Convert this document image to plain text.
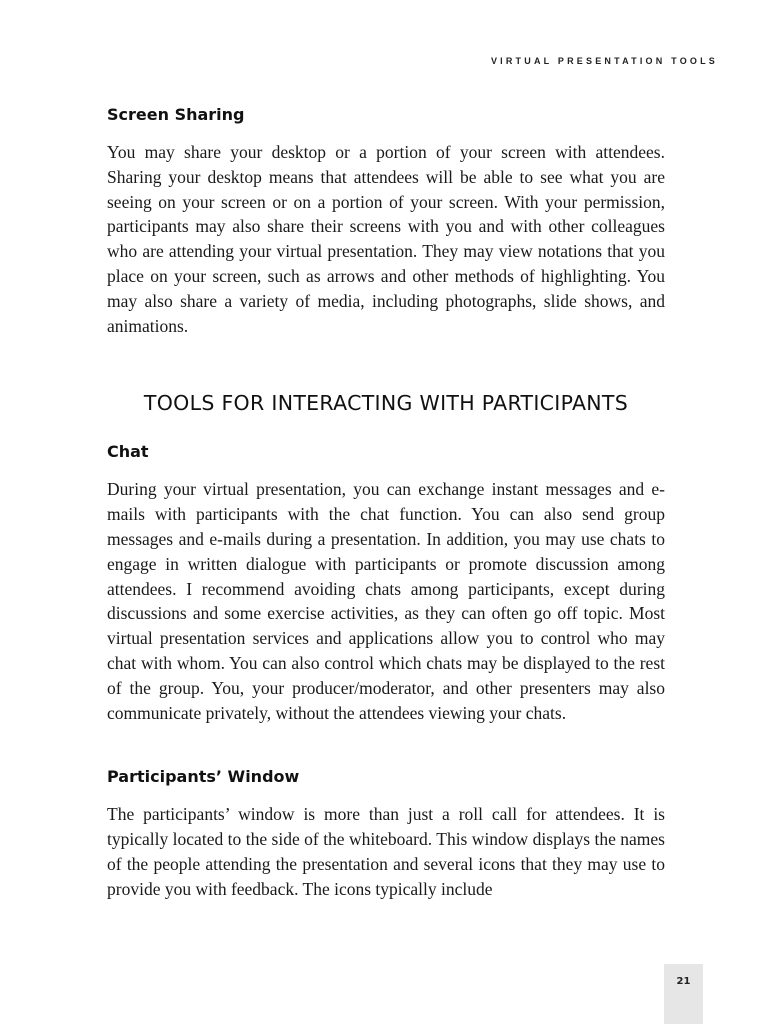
VIRTUAL PRESENTATION TOOLS
Screen Sharing

You may share your desktop or a portion of your screen with attendees. Sharing your desktop means that attendees will be able to see what you are seeing on your screen or on a portion of your screen. With your permission, participants may also share their screens with you and with other colleagues who are attending your virtual presentation. They may view notations that you place on your screen, such as arrows and other methods of highlighting. You may also share a variety of media, including photographs, slide shows, and animations.

TOOLS FOR INTERACTING WITH PARTICIPANTS
Chat

During your virtual presentation, you can exchange instant messages and e-mails with participants with the chat function. You can also send group messages and e-mails during a presentation. In addition, you may use chats to engage in written dialogue with participants or promote discussion among attendees. I recommend avoiding chats among participants, except during discussions and some exercise activities, as they can often go off topic. Most virtual presentation services and applications allow you to control who may chat with whom. You can also control which chats may be displayed to the rest of the group. You, your producer/moderator, and other presenters may also communicate privately, without the attendees viewing your chats.

Participants’ Window

The participants’ window is more than just a roll call for attendees. It is typically located to the side of the whiteboard. This window displays the names of the people attending the presentation and several icons that they may use to provide you with feedback. The icons typically include

21
